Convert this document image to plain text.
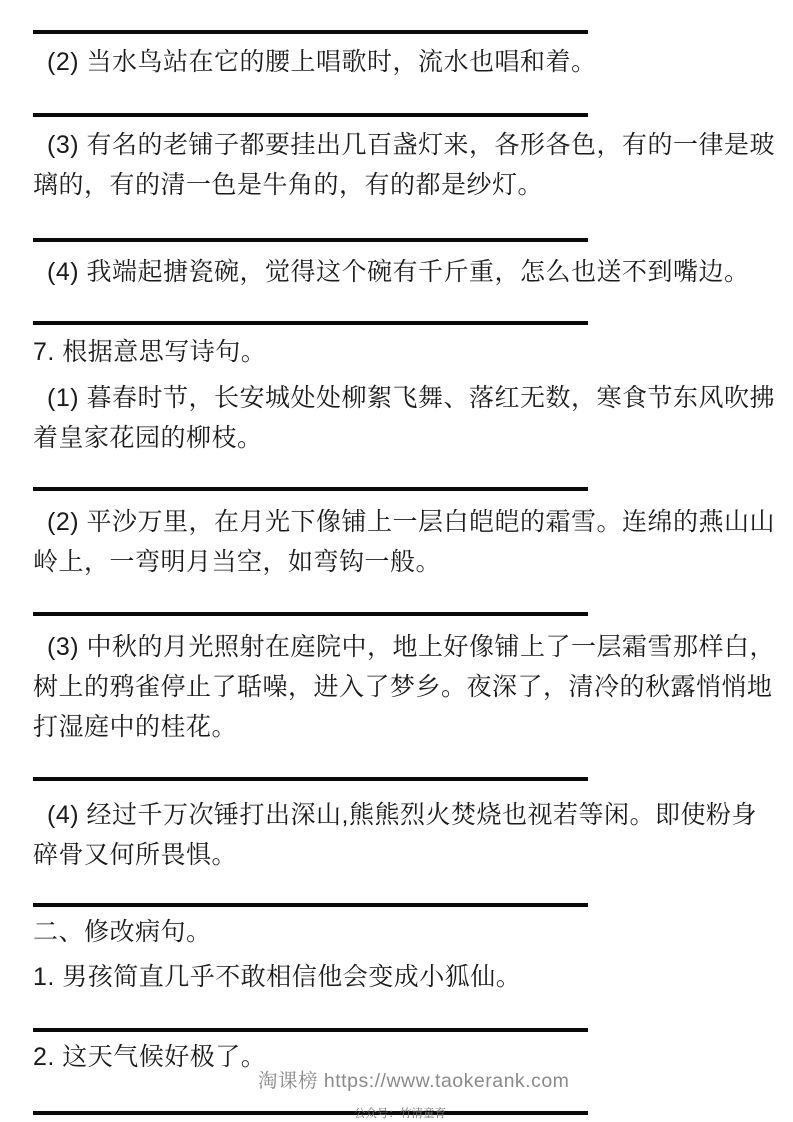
(2) 当水鸟站在它的腰上唱歌时，流水也唱和着。

(3) 有名的老铺子都要挂出几百盏灯来，各形各色，有的一律是玻璃的，有的清一色是牛角的，有的都是纱灯。

(4) 我端起搪瓷碗，觉得这个碗有千斤重，怎么也送不到嘴边。

7. 根据意思写诗句。

(1) 暮春时节，长安城处处柳絮飞舞、落红无数，寒食节东风吹拂着皇家花园的柳枝。

(2) 平沙万里，在月光下像铺上一层白皑皑的霜雪。连绵的燕山山岭上，一弯明月当空，如弯钩一般。

(3) 中秋的月光照射在庭院中，地上好像铺上了一层霜雪那样白，树上的鸦雀停止了聒噪，进入了梦乡。夜深了，清冷的秋露悄悄地打湿庭中的桂花。

(4) 经过千万次锤打出深山,熊熊烈火焚烧也视若等闲。即使粉身碎骨又何所畏惧。

二、修改病句。

1. 男孩简直几乎不敢相信他会变成小狐仙。

2. 这天气候好极了。

淘课榜 https://www.taokerank.com
公众号：竹清童育
